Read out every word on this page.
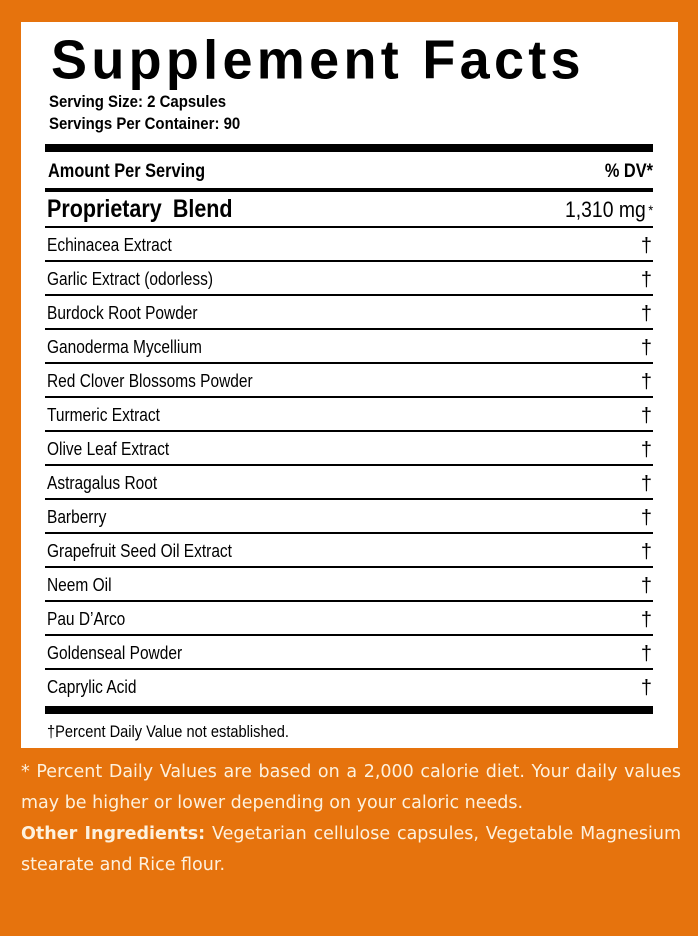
Supplement Facts
Serving Size: 2 Capsules
Servings Per Container: 90
Amount Per Serving	% DV*
Proprietary Blend	1,310 mg *
Echinacea Extract	†
Garlic Extract (odorless)	†
Burdock Root Powder	†
Ganoderma Mycellium	†
Red Clover Blossoms Powder	†
Turmeric Extract	†
Olive Leaf Extract	†
Astragalus Root	†
Barberry	†
Grapefruit Seed Oil Extract	†
Neem Oil	†
Pau D’Arco	†
Goldenseal Powder	†
Caprylic Acid	†
†Percent Daily Value not established.

* Percent Daily Values are based on a 2,000 calorie diet. Your daily values may be higher or lower depending on your caloric needs.

Other Ingredients: Vegetarian cellulose capsules, Vegetable Magnesium stearate and Rice flour.
